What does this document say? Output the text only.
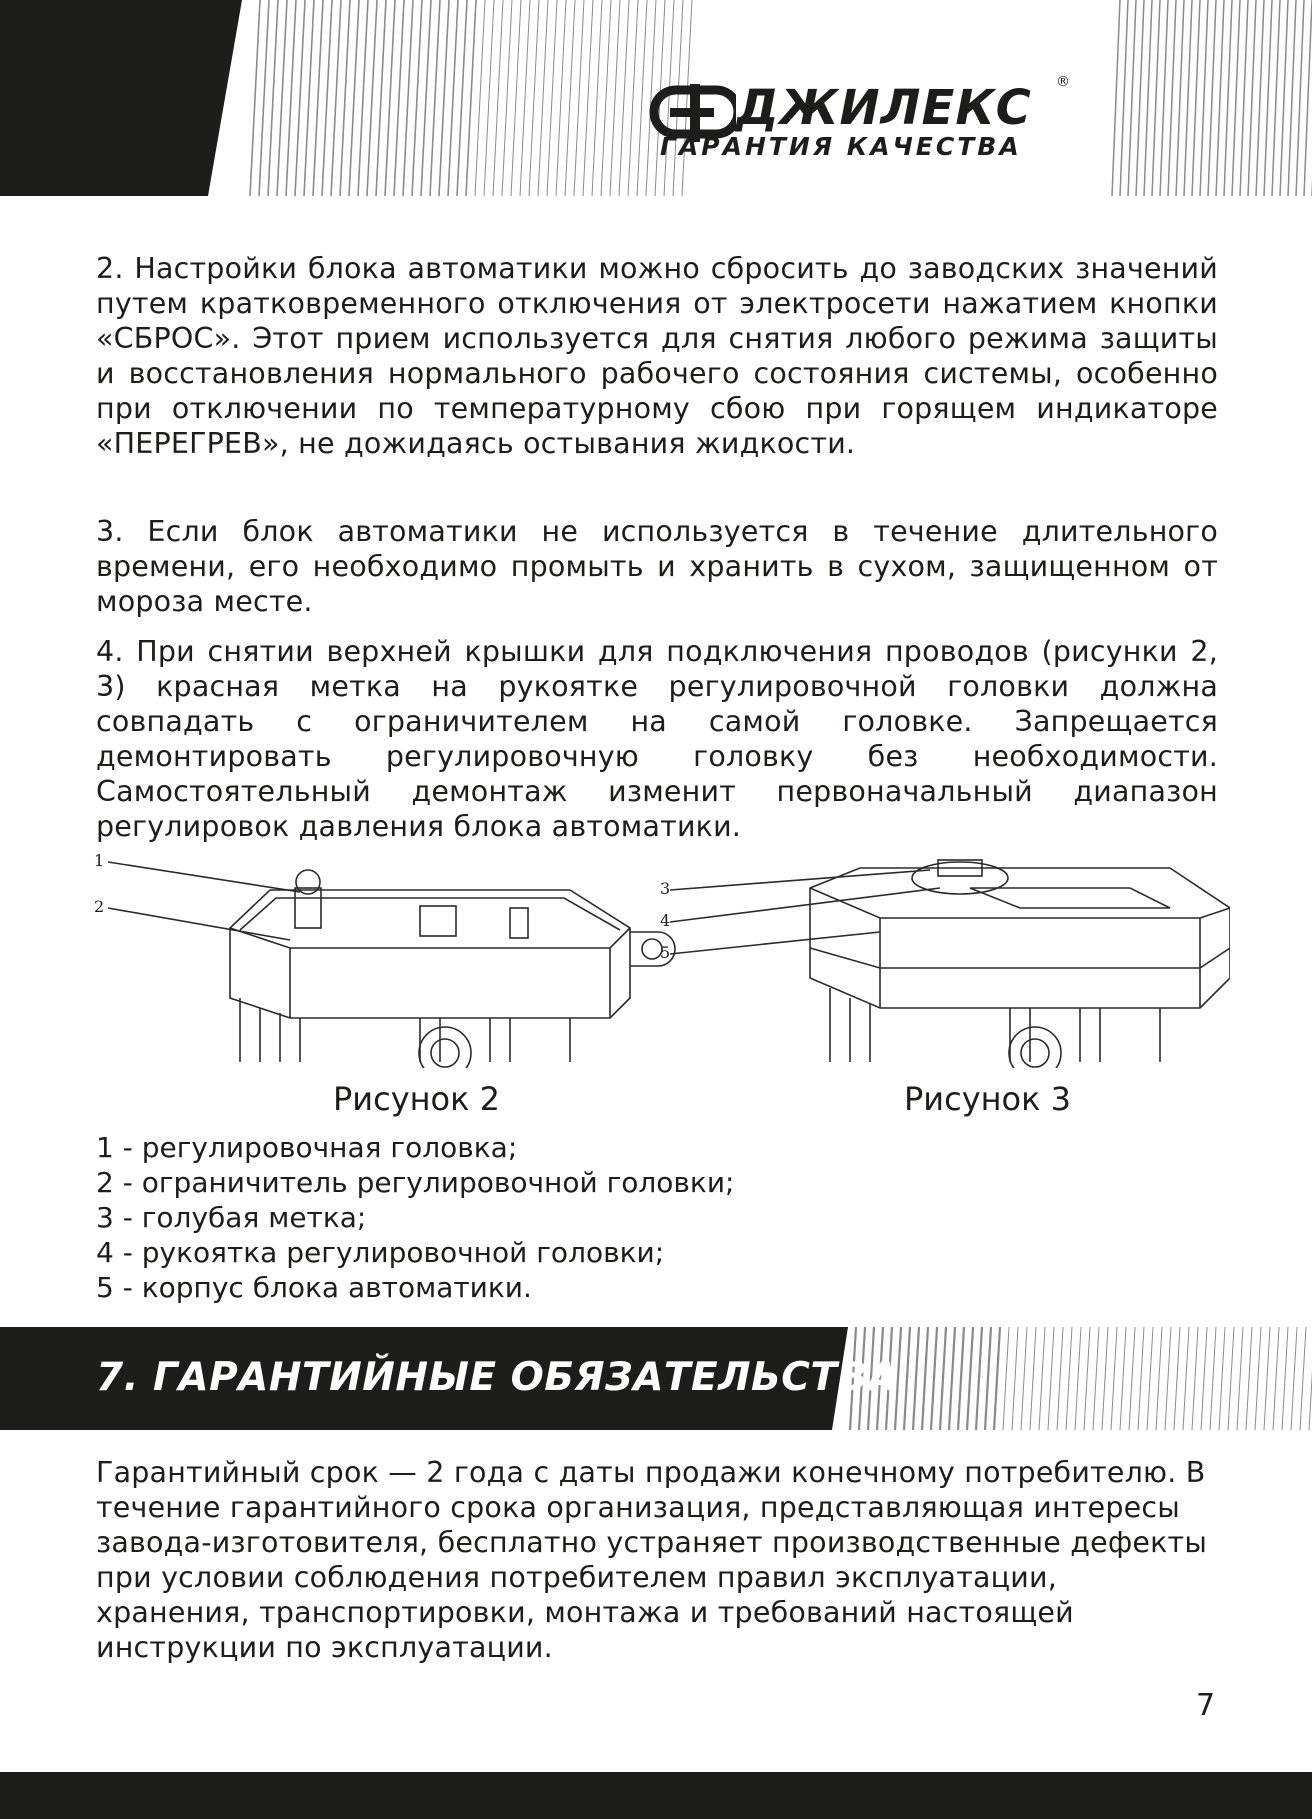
ДЖИЛЕКС ®
ГАРАНТИЯ КАЧЕСТВА

2. Настройки блока автоматики можно сбросить до заводских значений путем кратковременного отключения от электросети нажатием кнопки «СБРОС». Этот прием используется для снятия любого режима защиты и восстановления нормального рабочего состояния системы, особенно при отключении по температурному сбою при горящем индикаторе «ПЕРЕГРЕВ», не дожидаясь остывания жидкости.

3. Если блок автоматики не используется в течение длительного времени, его необходимо промыть и хранить в сухом, защищенном от мороза месте.

4. При снятии верхней крышки для подключения проводов (рисунки 2, 3) красная метка на рукоятке регулировочной головки должна совпадать с ограничителем на самой головке. Запрещается демонтировать регулировочную головку без необходимости. Самостоятельный демонтаж изменит первоначальный диапазон регулировок давления блока автоматики.

1
2
3
4
5
Рисунок 2	Рисунок 3
1 - регулировочная головка;
2 - ограничитель регулировочной головки;
3 - голубая метка;
4 - рукоятка регулировочной головки;
5 - корпус блока автоматики.
7. ГАРАНТИЙНЫЕ ОБЯЗАТЕЛЬСТВА

Гарантийный срок — 2 года с даты продажи конечному потребителю. В течение гарантийного срока организация, представляющая интересы завода-изготовителя, бесплатно устраняет производственные дефекты при условии соблюдения потребителем правил эксплуатации, хранения, транспортировки, монтажа и требований настоящей инструкции по эксплуатации.

7
